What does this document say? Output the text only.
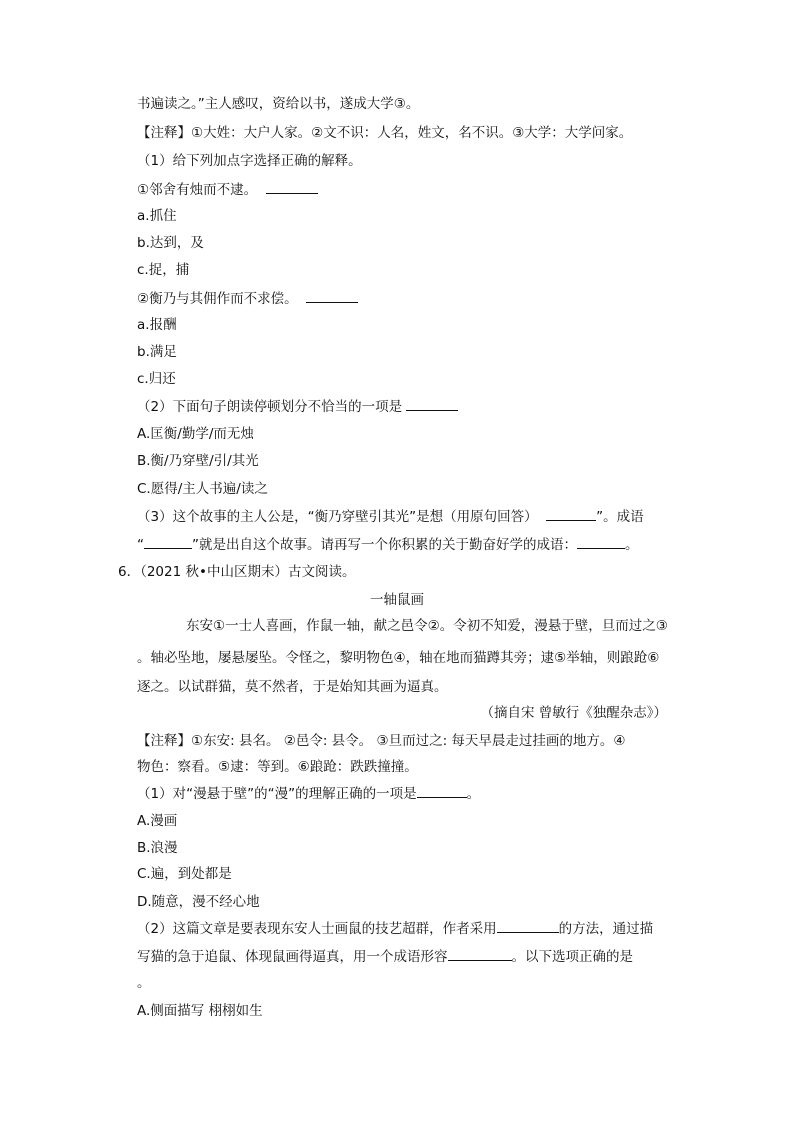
书遍读之。”主人感叹，资给以书，遂成大学③。
【注释】①大姓：大户人家。②文不识：人名，姓文，名不识。③大学：大学问家。
（1）给下列加点字选择正确的解释。
①邻舍有烛而不逮。
a.抓住
b.达到，及
c.捉，捕
②衡乃与其佣作而不求偿。
a.报酬
b.满足
c.归还
（2）下面句子朗读停顿划分不恰当的一项是
A.匡衡/勤学/而无烛
B.衡/乃穿壁/引/其光
C.愿得/主人书遍/读之
（3）这个故事的主人公是，“衡乃穿壁引其光”是想（用原句回答）	”。成语
“	”就是出自这个故事。请再写一个你积累的关于勤奋好学的成语：	。
6．（2021 秋•中山区期末）古文阅读。
一轴鼠画
东安①一士人喜画，作鼠一轴，献之邑令②。令初不知爱，漫悬于壁，旦而过之③
。轴必坠地，屡悬屡坠。令怪之，黎明物色④，轴在地而猫蹲其旁；逮⑤举轴，则踉跄⑥
逐之。以试群猫，莫不然者，于是始知其画为逼真。
（摘自宋 曾敏行《独醒杂志》）
【注释】①东安: 县名。 ②邑令: 县令。 ③旦而过之: 每天早晨走过挂画的地方。④
物色：察看。⑤逮：等到。⑥踉跄：跌跌撞撞。
（1）对“漫悬于壁”的“漫”的理解正确的一项是	。
A.漫画
B.浪漫
C.遍，到处都是
D.随意，漫不经心地
（2）这篇文章是要表现东安人士画鼠的技艺超群，作者采用	的方法，通过描
写猫的急于追鼠、体现鼠画得逼真，用一个成语形容	。以下选项正确的是
。
A.侧面描写 栩栩如生
